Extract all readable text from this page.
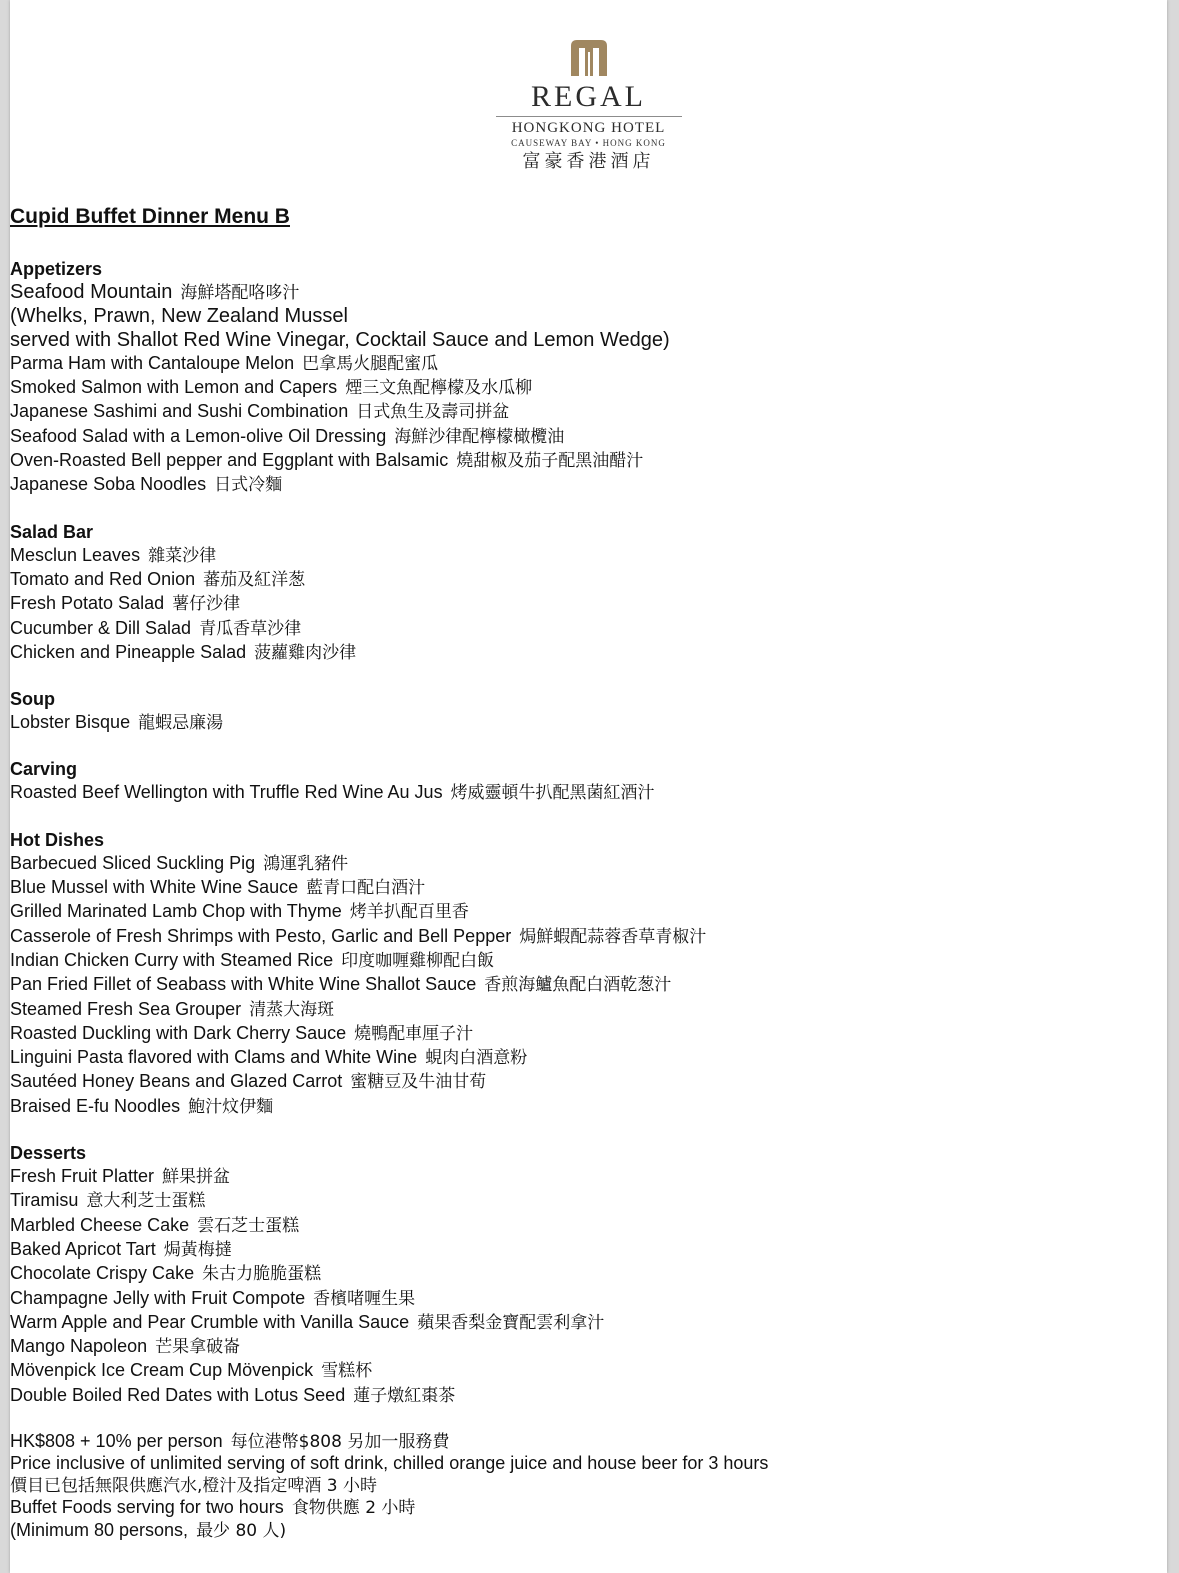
REGAL
HONGKONG HOTEL
CAUSEWAY BAY • HONG KONG
富豪香港酒店
Cupid Buffet Dinner Menu B
Appetizers
Seafood Mountain 海鮮塔配咯哆汁
(Whelks, Prawn, New Zealand Mussel
served with Shallot Red Wine Vinegar, Cocktail Sauce and Lemon Wedge)
Parma Ham with Cantaloupe Melon 巴拿馬火腿配蜜瓜
Smoked Salmon with Lemon and Capers 煙三文魚配檸檬及水瓜柳
Japanese Sashimi and Sushi Combination 日式魚生及壽司拼盆
Seafood Salad with a Lemon-olive Oil Dressing 海鮮沙律配檸檬橄欖油
Oven-Roasted Bell pepper and Eggplant with Balsamic 燒甜椒及茄子配黑油醋汁
Japanese Soba Noodles 日式冷麵
Salad Bar
Mesclun Leaves 雜菜沙律
Tomato and Red Onion 蕃茄及紅洋葱
Fresh Potato Salad 薯仔沙律
Cucumber & Dill Salad 青瓜香草沙律
Chicken and Pineapple Salad 菠蘿雞肉沙律
Soup
Lobster Bisque 龍蝦忌廉湯
Carving
Roasted Beef Wellington with Truffle Red Wine Au Jus 烤威靈頓牛扒配黑菌紅酒汁
Hot Dishes
Barbecued Sliced Suckling Pig 鴻運乳豬件
Blue Mussel with White Wine Sauce 藍青口配白酒汁
Grilled Marinated Lamb Chop with Thyme 烤羊扒配百里香
Casserole of Fresh Shrimps with Pesto, Garlic and Bell Pepper 焗鮮蝦配蒜蓉香草青椒汁
Indian Chicken Curry with Steamed Rice 印度咖喱雞柳配白飯
Pan Fried Fillet of Seabass with White Wine Shallot Sauce 香煎海鱸魚配白酒乾葱汁
Steamed Fresh Sea Grouper 清蒸大海斑
Roasted Duckling with Dark Cherry Sauce 燒鴨配車厘子汁
Linguini Pasta flavored with Clams and White Wine 蜆肉白酒意粉
Sautéed Honey Beans and Glazed Carrot 蜜糖豆及牛油甘荀
Braised E-fu Noodles 鮑汁炆伊麵
Desserts
Fresh Fruit Platter 鮮果拼盆
Tiramisu 意大利芝士蛋糕
Marbled Cheese Cake 雲石芝士蛋糕
Baked Apricot Tart 焗黃梅撻
Chocolate Crispy Cake 朱古力脆脆蛋糕
Champagne Jelly with Fruit Compote 香檳啫喱生果
Warm Apple and Pear Crumble with Vanilla Sauce 蘋果香梨金寶配雲利拿汁
Mango Napoleon 芒果拿破崙
Mövenpick Ice Cream Cup Mövenpick 雪糕杯
Double Boiled Red Dates with Lotus Seed 蓮子燉紅棗茶
HK$808 + 10% per person 每位港幣$808 另加一服務費
Price inclusive of unlimited serving of soft drink, chilled orange juice and house beer for 3 hours
價目已包括無限供應汽水,橙汁及指定啤酒 3 小時
Buffet Foods serving for two hours 食物供應 2 小時
(Minimum 80 persons, 最少 80 人)
